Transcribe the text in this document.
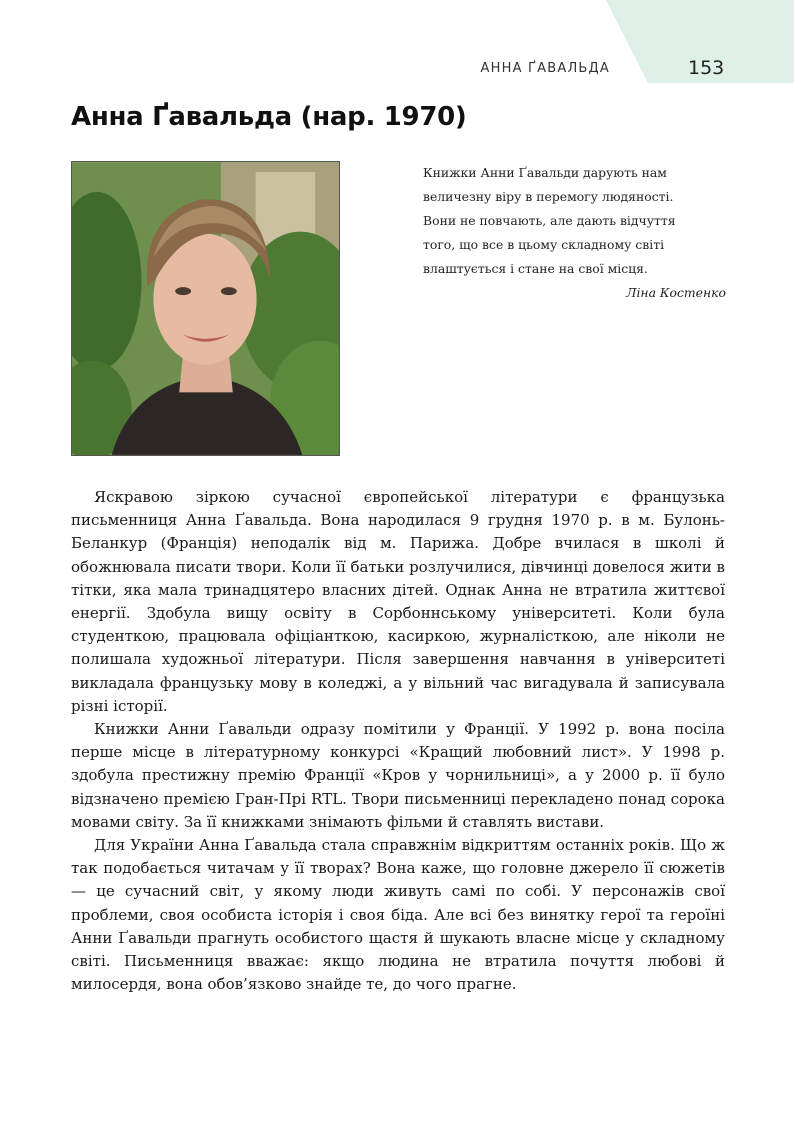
АННА ҐАВАЛЬДА	153
Анна Ґавальда (нар. 1970)
Книжки Анни Ґавальди дарують нам
величезну віру в перемогу людяності.
Вони не повчають, але дають відчуття
того, що все в цьому складному світі
влаштується і стане на свої місця.
Ліна Костенко

Яскравою зіркою сучасної європейської літератури є французька письменниця Анна Ґавальда. Вона народилася 9 грудня 1970 р. в м. Булонь-Беланкур (Франція) неподалік від м. Парижа. Добре вчилася в школі й обожнювала писати твори. Коли її батьки розлучилися, дівчинці довелося жити в тітки, яка мала тринадцятеро власних дітей. Однак Анна не втратила життєвої енергії. Здобула вищу освіту в Сорбоннському університеті. Коли була студенткою, працювала офіціанткою, касиркою, журналісткою, але ніколи не полишала художньої літератури. Після завершення навчання в університеті викладала французьку мову в коледжі, а у вільний час вигадувала й записувала різні історії.

Книжки Анни Ґавальди одразу помітили у Франції. У 1992 р. вона посіла перше місце в літературному конкурсі «Кращий любовний лист». У 1998 р. здобула престижну премію Франції «Кров у чорнильниці», а у 2000 р. її було відзначено премією Гран-Прі RTL. Твори письменниці перекладено понад сорока мовами світу. За її книжками знімають фільми й ставлять вистави.

Для України Анна Ґавальда стала справжнім відкриттям останніх років. Що ж так подобається читачам у її творах? Вона каже, що головне джерело її сюжетів — це сучасний світ, у якому люди живуть самі по собі. У персонажів свої проблеми, своя особиста історія і своя біда. Але всі без винятку герої та героїні Анни Ґавальди прагнуть особистого щастя й шукають власне місце у складному світі. Письменниця вважає: якщо людина не втратила почуття любові й милосердя, вона обов’язково знайде те, до чого прагне.
